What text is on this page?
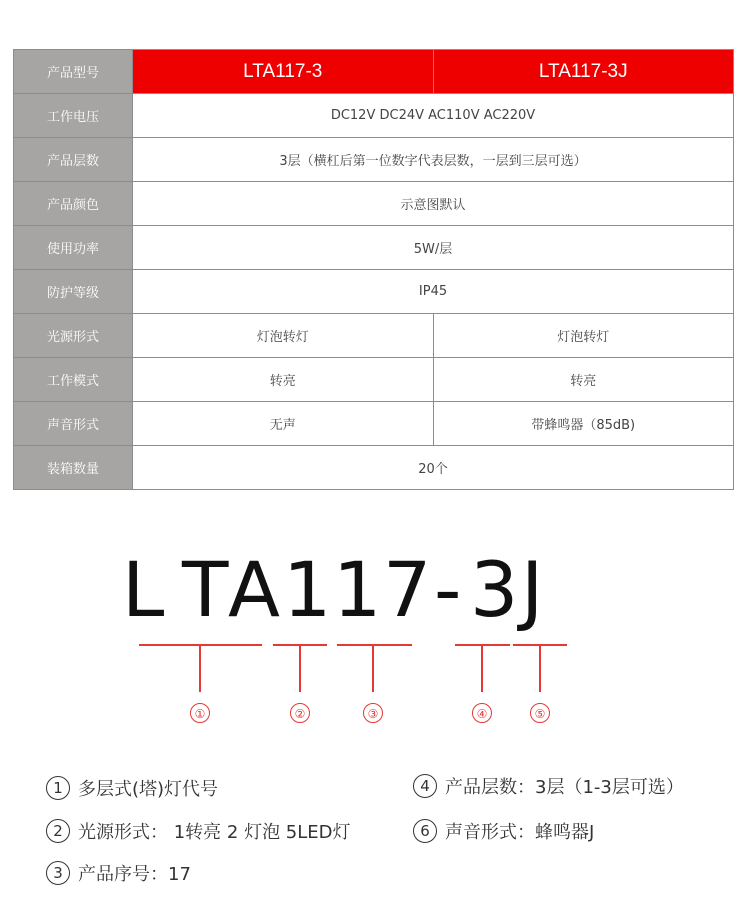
产品型号	LTA117-3	LTA117-3J
工作电压	DC12V DC24V AC110V AC220V	
产品层数	3层（横杠后第一位数字代表层数，一层到三层可选）	
产品颜色	示意图默认	
使用功率	5W/层	
防护等级	IP45	
光源形式	灯泡转灯	灯泡转灯
工作模式	转亮	转亮
声音形式	无声	带蜂鸣器（85dB)
装箱数量	20个	
L T A 1 1 7 - 3 J
①	②	③	④	⑤
1 多层式(塔)灯代号	4 产品层数：3层（1-3层可选）
2 光源形式： 1转亮 2 灯泡 5LED灯	6 声音形式：蜂鸣器J
3 产品序号：17
